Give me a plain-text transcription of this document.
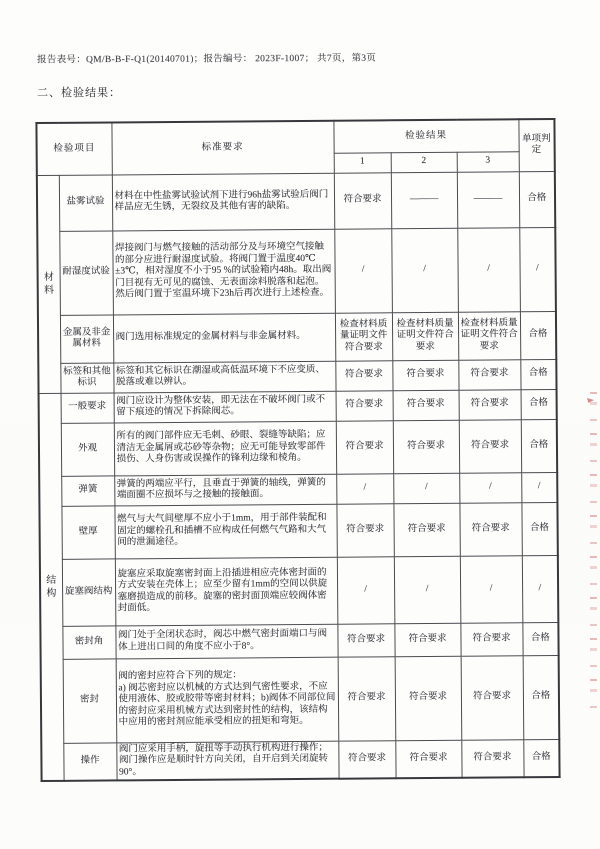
报告表号：QM/B-B-F-Q1(20140701)；报告编号： 2023F-1007； 共7页，第3页
二、检验结果：
检验项目		标准要求	检验结果			单项判定
			1	2	3	
材料	盐雾试验	材料在中性盐雾试验试剂下进行96h盐雾试验后阀门样品应无生锈，无裂纹及其他有害的缺陷。	符合要求	———	———	合格
	耐湿度试验	焊接阀门与燃气接触的活动部分及与环境空气接触的部分应进行耐湿度试验。将阀门置于温度40℃±3℃，相对湿度不小于95 %的试验箱内48h。取出阀门目视有无可见的腐蚀、无表面涂料脱落和起泡。然后阀门置于室温环境下23h后再次进行上述检查。	/	/	/	/
	金属及非金属材料	阀门选用标准规定的金属材料与非金属材料。	检查材料质量证明文件符合要求	检查材料质量证明文件符合要求	检查材料质量证明文件符合要求	合格
	标签和其他标识	标签和其它标识在潮湿或高低温环境下不应变质、脱落或难以辨认。	符合要求	符合要求	符合要求	合格
结构	一般要求	阀门应设计为整体安装，即无法在不破坏阀门或不留下痕迹的情况下拆除阀芯。	符合要求	符合要求	符合要求	合格
	外观	所有的阀门部件应无毛刺、砂眼、裂缝等缺陷；应清洁无金属屑或芯砂等杂物；应无可能导致零部件损伤、人身伤害或误操作的锋利边缘和棱角。	符合要求	符合要求	符合要求	合格
	弹簧	弹簧的两端应平行，且垂直于弹簧的轴线，弹簧的端面圈不应损坏与之接触的接触面。	/	/	/	/
	壁厚	燃气与大气间壁厚不应小于1mm，用于部件装配和固定的螺栓孔和插槽不应构成任何燃气气路和大气间的泄漏途径。	符合要求	符合要求	符合要求	合格
	旋塞阀结构	旋塞应采取旋塞密封面上沿插进相应壳体密封面的方式安装在壳体上；应至少留有1mm的空间以供旋塞磨损造成的前移。旋塞的密封面顶端应较阀体密封面低。	/	/	/	/
	密封角	阀门处于全闭状态时，阀芯中燃气密封面端口与阀体上进出口间的角度不应小于8°。	符合要求	符合要求	符合要求	合格
	密封	阀的密封应符合下列的规定：
a) 阀芯密封应以机械的方式达到气密性要求，不应使用液体、胶或胶带等密封材料；b)阀体不同部位间的密封应采用机械方式达到密封性的结构，该结构中应用的密封剂应能承受相应的扭矩和弯矩。	符合要求	符合要求	符合要求	合格
	操作	阀门应采用手柄，旋扭等手动执行机构进行操作；阀门操作应是顺时针方向关闭，自开启到关闭旋转90°。	符合要求	符合要求	符合要求	合格
